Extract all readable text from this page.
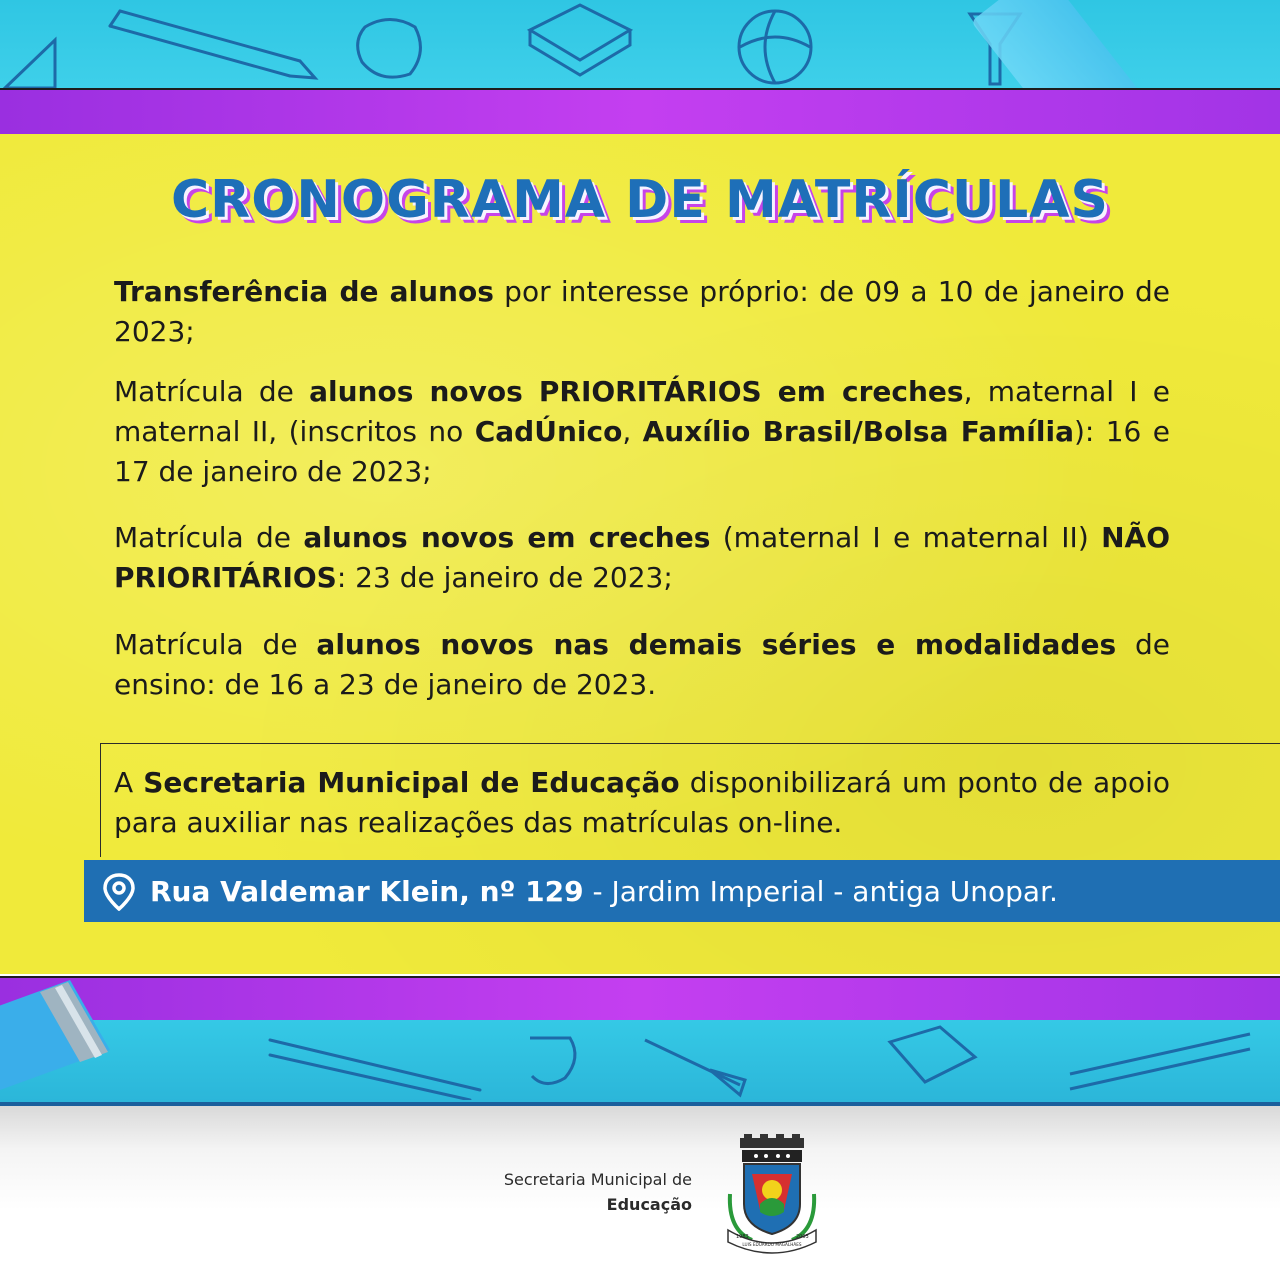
CRONOGRAMA DE MATRÍCULAS

Transferência de alunos por interesse próprio: de 09 a 10 de janeiro de 2023;

Matrícula de alunos novos PRIORITÁRIOS em creches, maternal I e maternal II, (inscritos no CadÚnico, Auxílio Brasil/Bolsa Família): 16 e 17 de janeiro de 2023;

Matrícula de alunos novos em creches (maternal I e maternal II) NÃO PRIORITÁRIOS: 23 de janeiro de 2023;

Matrícula de alunos novos nas demais séries e modalidades de ensino: de 16 a 23 de janeiro de 2023.

A Secretaria Municipal de Educação disponibilizará um ponto de apoio para auxiliar nas realizações das matrículas on-line.

Rua Valdemar Klein, nº 129 - Jardim Imperial - antiga Unopar.

Secretaria Municipal de

Educação

1983	2003
LUIS EDUARDO MAGALHÃES
